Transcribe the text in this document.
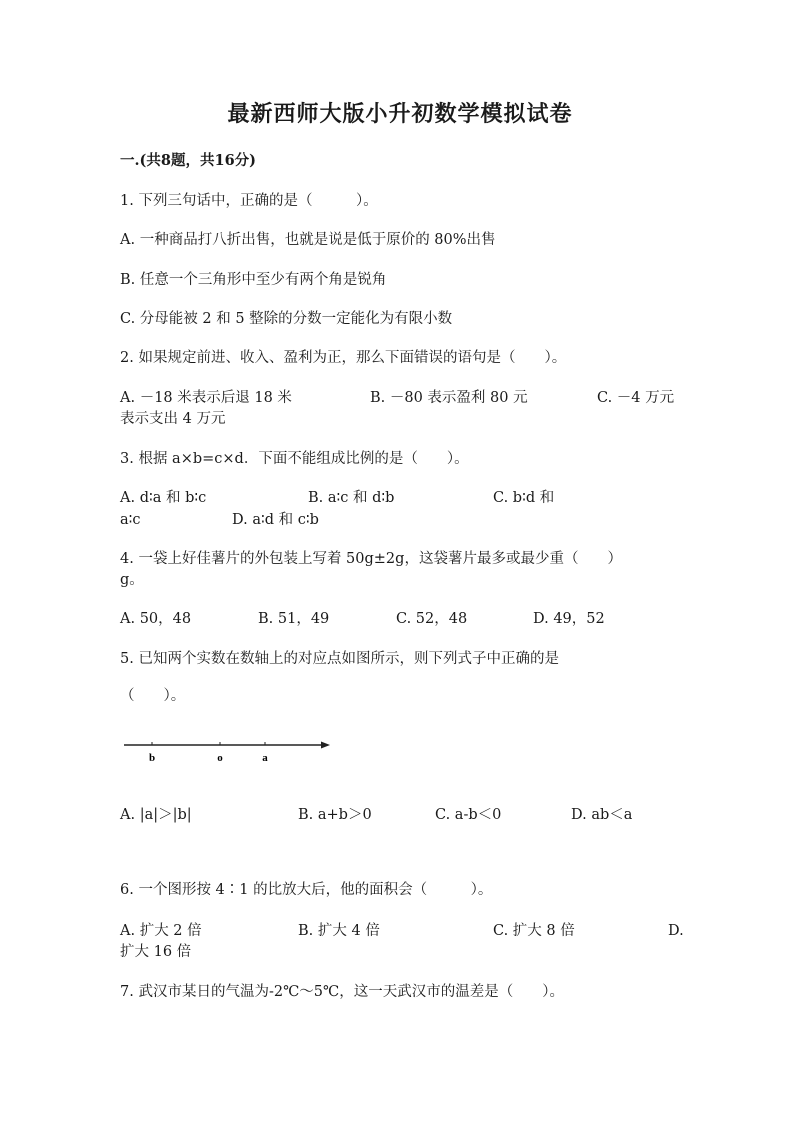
最新西师大版小升初数学模拟试卷
一.(共8题，共16分)
1. 下列三句话中，正确的是（　　　）。
A. 一种商品打八折出售，也就是说是低于原价的 80%出售
B. 任意一个三角形中至少有两个角是锐角
C. 分母能被 2 和 5 整除的分数一定能化为有限小数
2. 如果规定前进、收入、盈利为正，那么下面错误的语句是（　　）。
A. －18 米表示后退 18 米	B. －80 表示盈利 80 元	C. －4 万元
表示支出 4 万元
3. 根据 a×b=c×d．下面不能组成比例的是（　　）。
A. d∶a 和 b∶c	B. a∶c 和 d∶b	C. b∶d 和
a∶c	D. a∶d 和 c∶b
4. 一袋上好佳薯片的外包装上写着 50g±2g，这袋薯片最多或最少重（　　）
g。
A. 50，48	B. 51，49	C. 52，48	D. 49，52
5. 已知两个实数在数轴上的对应点如图所示，则下列式子中正确的是
（　　）。
b	o	a
A. |a|＞|b|	B. a+b＞0	C. a-b＜0	D. ab＜a
6. 一个图形按 4∶1 的比放大后，他的面积会（　　　）。
A. 扩大 2 倍	B. 扩大 4 倍	C. 扩大 8 倍	D.
扩大 16 倍
7. 武汉市某日的气温为-2℃～5℃，这一天武汉市的温差是（　　）。
